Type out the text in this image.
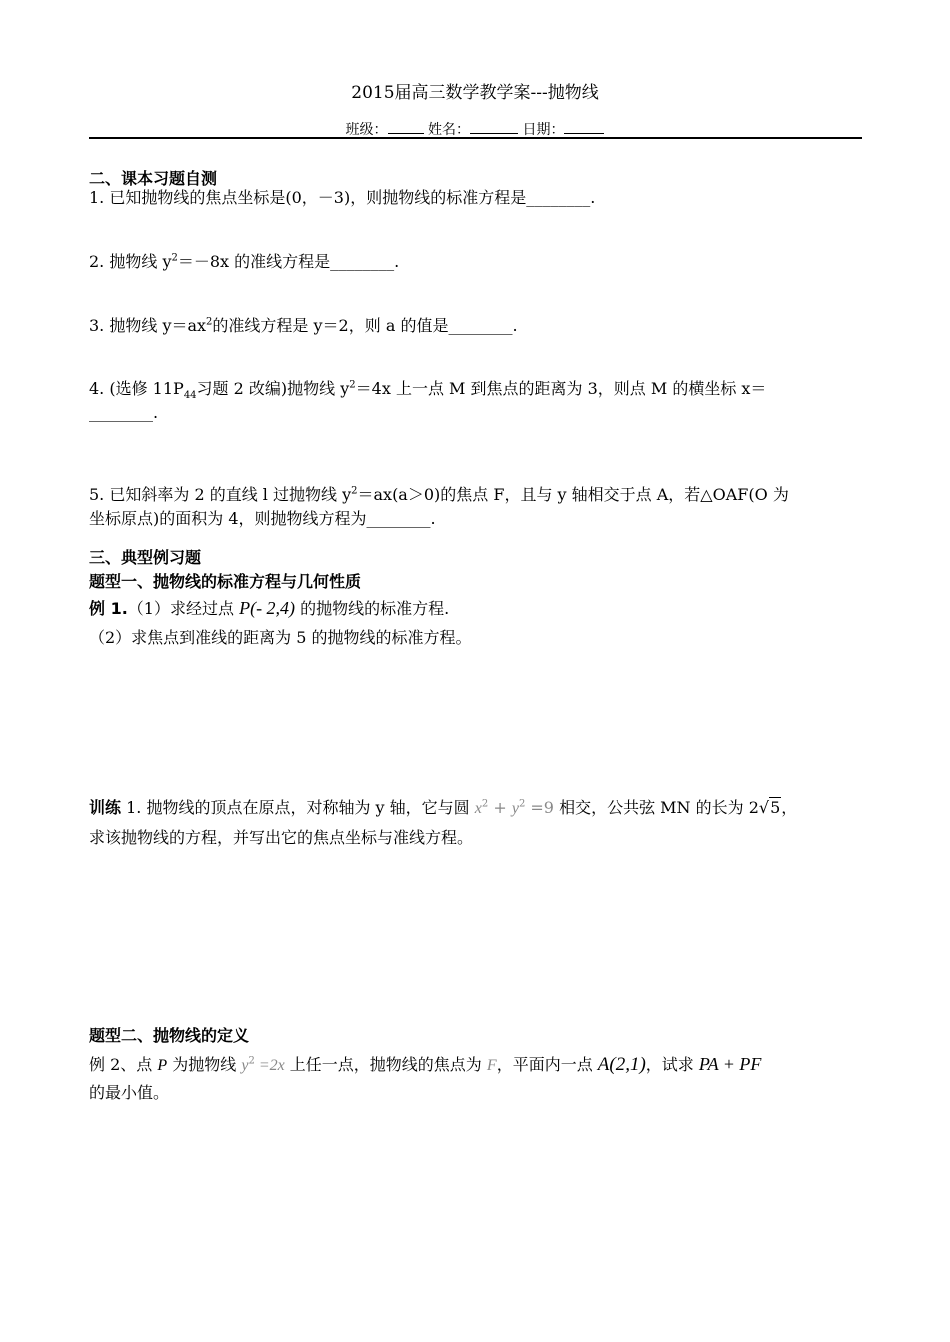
2015届高三数学教学案---抛物线
班级：	姓名：	日期：
二、课本习题自测
1. 已知抛物线的焦点坐标是(0，－3)，则抛物线的标准方程是________.
2. 抛物线 $y^2=-8x$ 的准线方程是________.
3. 抛物线 $y=ax^2$的准线方程是 y＝2，则 a 的值是________.
4. (选修 $11P_{44}$习题 2 改编)抛物线 $y^2=4x$ 上一点 M 到焦点的距离为 3，则点 M 的横坐标 x＝
________.
5. 已知斜率为 2 的直线 l 过抛物线 $y^2=ax(a>0)$的焦点 F，且与 y 轴相交于点 A，若△OAF(O 为
坐标原点)的面积为 4，则抛物线方程为________.
三、典型例习题
题型一、抛物线的标准方程与几何性质
例 1.（1）求经过点 P(- 2,4) 的抛物线的标准方程.
（2）求焦点到准线的距离为 5 的抛物线的标准方程。
训练 1. 抛物线的顶点在原点，对称轴为 y 轴，它与圆 $x^2 + y^2 =9$ 相交，公共弦 MN 的长为 2√5，
求该抛物线的方程，并写出它的焦点坐标与准线方程。
题型二、抛物线的定义
例 2、点 P 为抛物线 $y^2 =2x$ 上任一点，抛物线的焦点为 F，平面内一点 A(2,1)，试求 PA + PF
的最小值。
